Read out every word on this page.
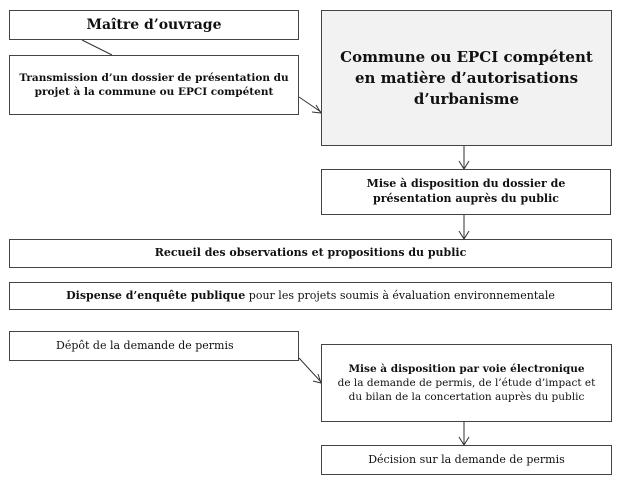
Maître d’ouvrage
Transmission d’un dossier de présentation du projet à la commune ou EPCI compétent
Commune ou EPCI compétent en matière d’autorisations d’urbanisme
Mise à disposition du dossier de présentation auprès du public
Recueil des observations et propositions du public
Dispense d’enquête publique pour les projets soumis à évaluation environnementale
Dépôt de la demande de permis
Mise à disposition par voie électronique
de la demande de permis, de l’étude d’impact et du bilan de la concertation auprès du public
Décision sur la demande de permis
